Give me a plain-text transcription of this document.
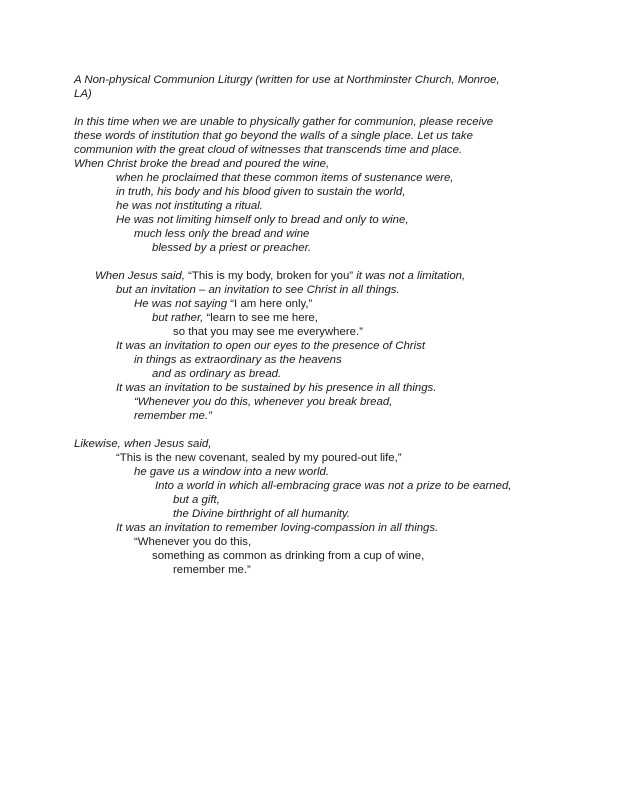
A Non-physical Communion Liturgy (written for use at Northminster Church, Monroe,
LA)
In this time when we are unable to physically gather for communion, please receive
these words of institution that go beyond the walls of a single place. Let us take
communion with the great cloud of witnesses that transcends time and place.
When Christ broke the bread and poured the wine,
when he proclaimed that these common items of sustenance were,
in truth, his body and his blood given to sustain the world,
he was not instituting a ritual.
He was not limiting himself only to bread and only to wine,
much less only the bread and wine
blessed by a priest or preacher.
When Jesus said, “This is my body, broken for you” it was not a limitation,
but an invitation – an invitation to see Christ in all things.
He was not saying “I am here only,”
but rather, “learn to see me here,
so that you may see me everywhere.”
It was an invitation to open our eyes to the presence of Christ
in things as extraordinary as the heavens
and as ordinary as bread.
It was an invitation to be sustained by his presence in all things.
“Whenever you do this, whenever you break bread,
remember me.”
Likewise, when Jesus said,
“This is the new covenant, sealed by my poured-out life,”
he gave us a window into a new world.
Into a world in which all-embracing grace was not a prize to be earned,
but a gift,
the Divine birthright of all humanity.
It was an invitation to remember loving-compassion in all things.
“Whenever you do this,
something as common as drinking from a cup of wine,
remember me.”
